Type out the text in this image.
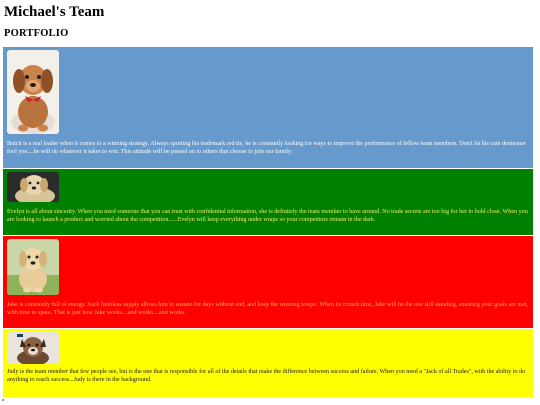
Michael's Team
PORTFOLIO

Butch is a real leader when it comes to a winning strategy. Always sporting his trademark red tie, he is constantly looking for ways to improve the performance of fellow team members. Don't let his cute demeanor fool you....he will do whatever it takes to win. This attitude will be passed on to others that choose to join our family.

Evelyn is all about sincerity. When you need someone that you can trust with confidential information, she is definitely the team member to have around. No trade secrets are too big for her to hold close. When you are looking to launch a product and worried about the competition......Evelyn will keep everything under wraps so your competitors remain in the dark.

Jake is constantly full of energy. Such limitless supply allows him to sustain for days without end, and keep the winning tempo. When its crunch time, Jake will be the one still standing, ensuring your goals are met, with time to spare. That is just how Jake works....and works....and works.

Judy is the team member that few people see, but is the one that is responsible for all of the details that make the difference between success and failure. When you need a "Jack of all Trades", with the ability to do anything to reach success...Judy is there in the background.
